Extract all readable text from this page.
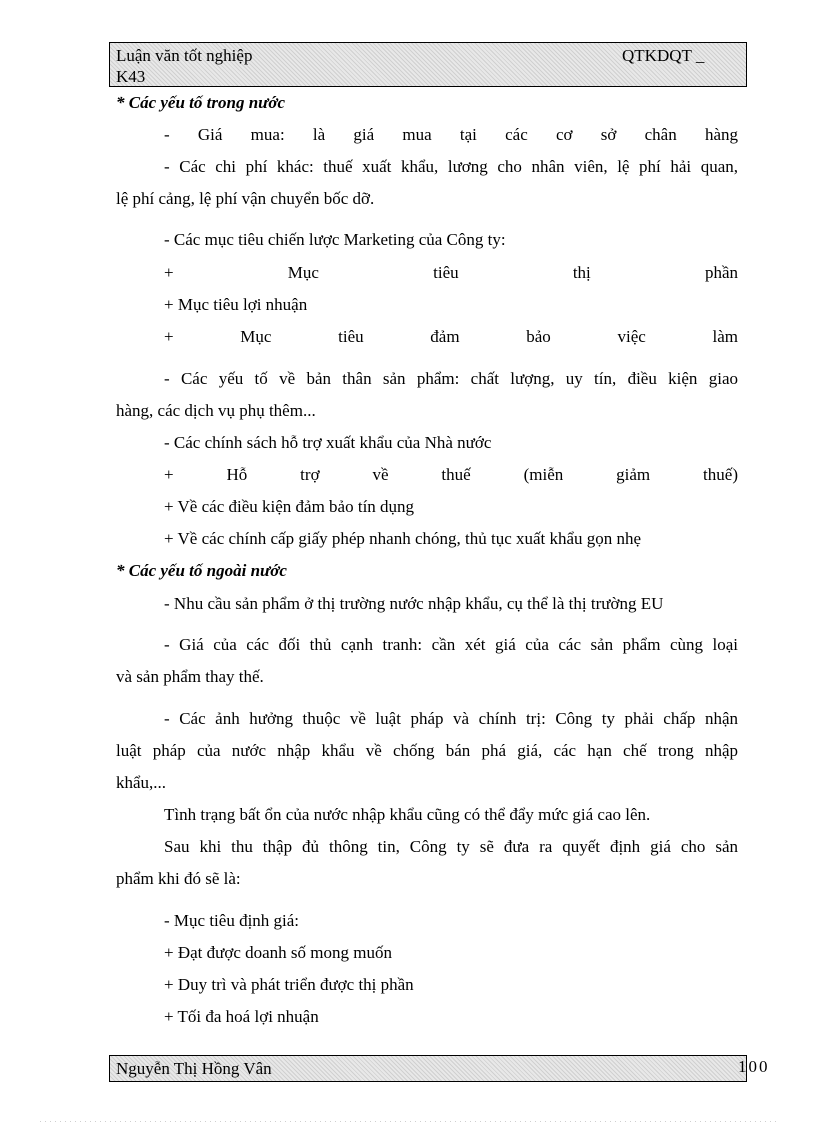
Luận văn tốt nghiệp	QTKDQT _
K43
* Các yếu tố trong nước
- Giá mua: là giá mua tại các cơ sở chân hàng
- Các chi phí khác: thuế xuất khẩu, lương cho nhân viên, lệ phí hải quan,
lệ phí cảng, lệ phí vận chuyển bốc dỡ.
- Các mục tiêu chiến lược Marketing của Công ty:
+ Mục tiêu thị phần
+ Mục tiêu lợi nhuận
+ Mục tiêu đảm bảo việc làm
- Các yếu tố về bản thân sản phẩm: chất lượng, uy tín, điều kiện giao
hàng, các dịch vụ phụ thêm...
- Các chính sách hỗ trợ xuất khẩu của Nhà nước
+ Hỗ trợ về thuế (miễn giảm thuế)
+ Về các điều kiện đảm bảo tín dụng
+ Về các chính cấp giấy phép nhanh chóng, thủ tục xuất khẩu gọn nhẹ
* Các yếu tố ngoài nước
- Nhu cầu sản phẩm ở thị trường nước nhập khẩu, cụ thể là thị trường EU
- Giá của các đối thủ cạnh tranh: cần xét giá của các sản phẩm cùng loại
và sản phẩm thay thế.
- Các ảnh hưởng thuộc về luật pháp và chính trị: Công ty phải chấp nhận
luật pháp của nước nhập khẩu về chống bán phá giá, các hạn chế trong nhập
khẩu,...
Tình trạng bất ổn của nước nhập khẩu cũng có thể đẩy mức giá cao lên.
Sau khi thu thập đủ thông tin, Công ty sẽ đưa ra quyết định giá cho sản
phẩm khi đó sẽ là:
- Mục tiêu định giá:
+ Đạt được doanh số mong muốn
+ Duy trì và phát triển được thị phần
+ Tối đa hoá lợi nhuận
Nguyễn Thị Hồng Vân	100
